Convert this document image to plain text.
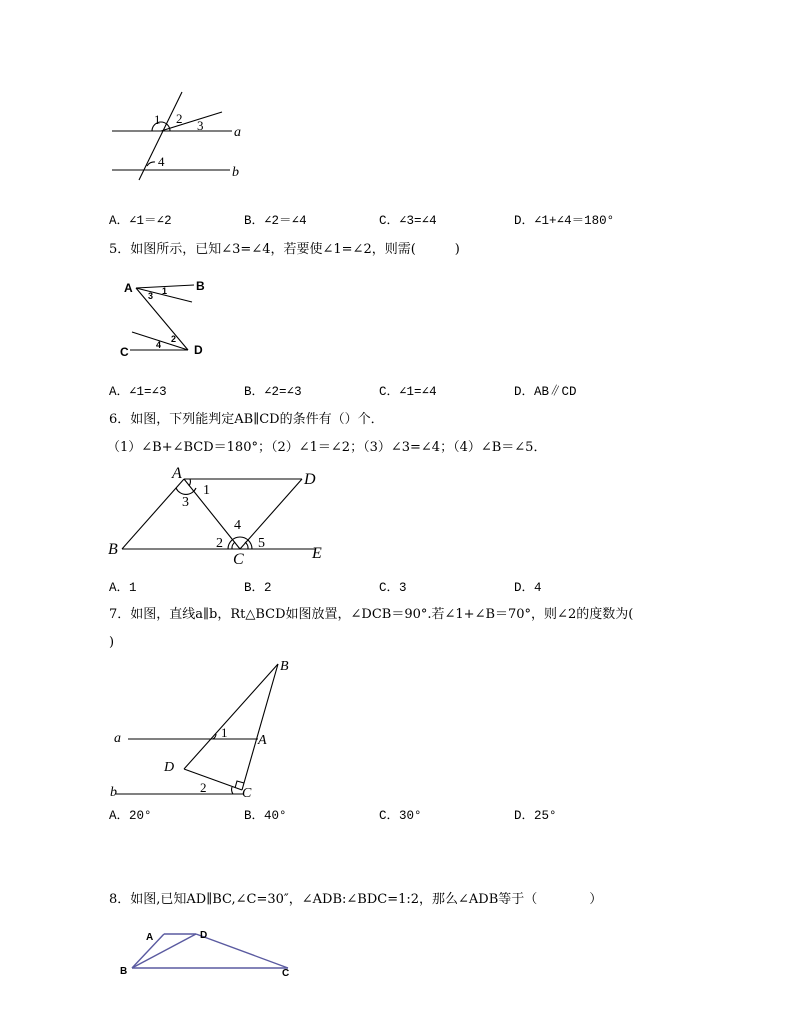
1 2 3
4
a
b
A．∠1＝∠2	B．∠2＝∠4	C．∠3=∠4	D．∠1+∠4＝180°
5．如图所示，已知∠3=∠4，若要使∠1=∠2，则需(　　　)
A	B
C	D
1
3
2
4
A．∠1=∠3	B．∠2=∠3	C．∠1=∠4	D．AB∥CD
6．如图，下列能判定AB∥CD的条件有（）个．
（1）∠B+∠BCD＝180°；（2）∠1＝∠2；（3）∠3=∠4；（4）∠B＝∠5．
A	D
B
C	E
1
3
4
2	5
A．1	B．2	C．3	D．4
7．如图，直线a∥b，Rt△BCD如图放置，∠DCB＝90°.若∠1+∠B＝70°，则∠2的度数为(
)
a
b
B
A
D
C
1
2
A．20°	B．40°	C．30°	D．25°
8．如图,已知AD∥BC,∠C=30″，∠ADB:∠BDC=1:2，那么∠ADB等于（　　　　）
A	D
B	C
